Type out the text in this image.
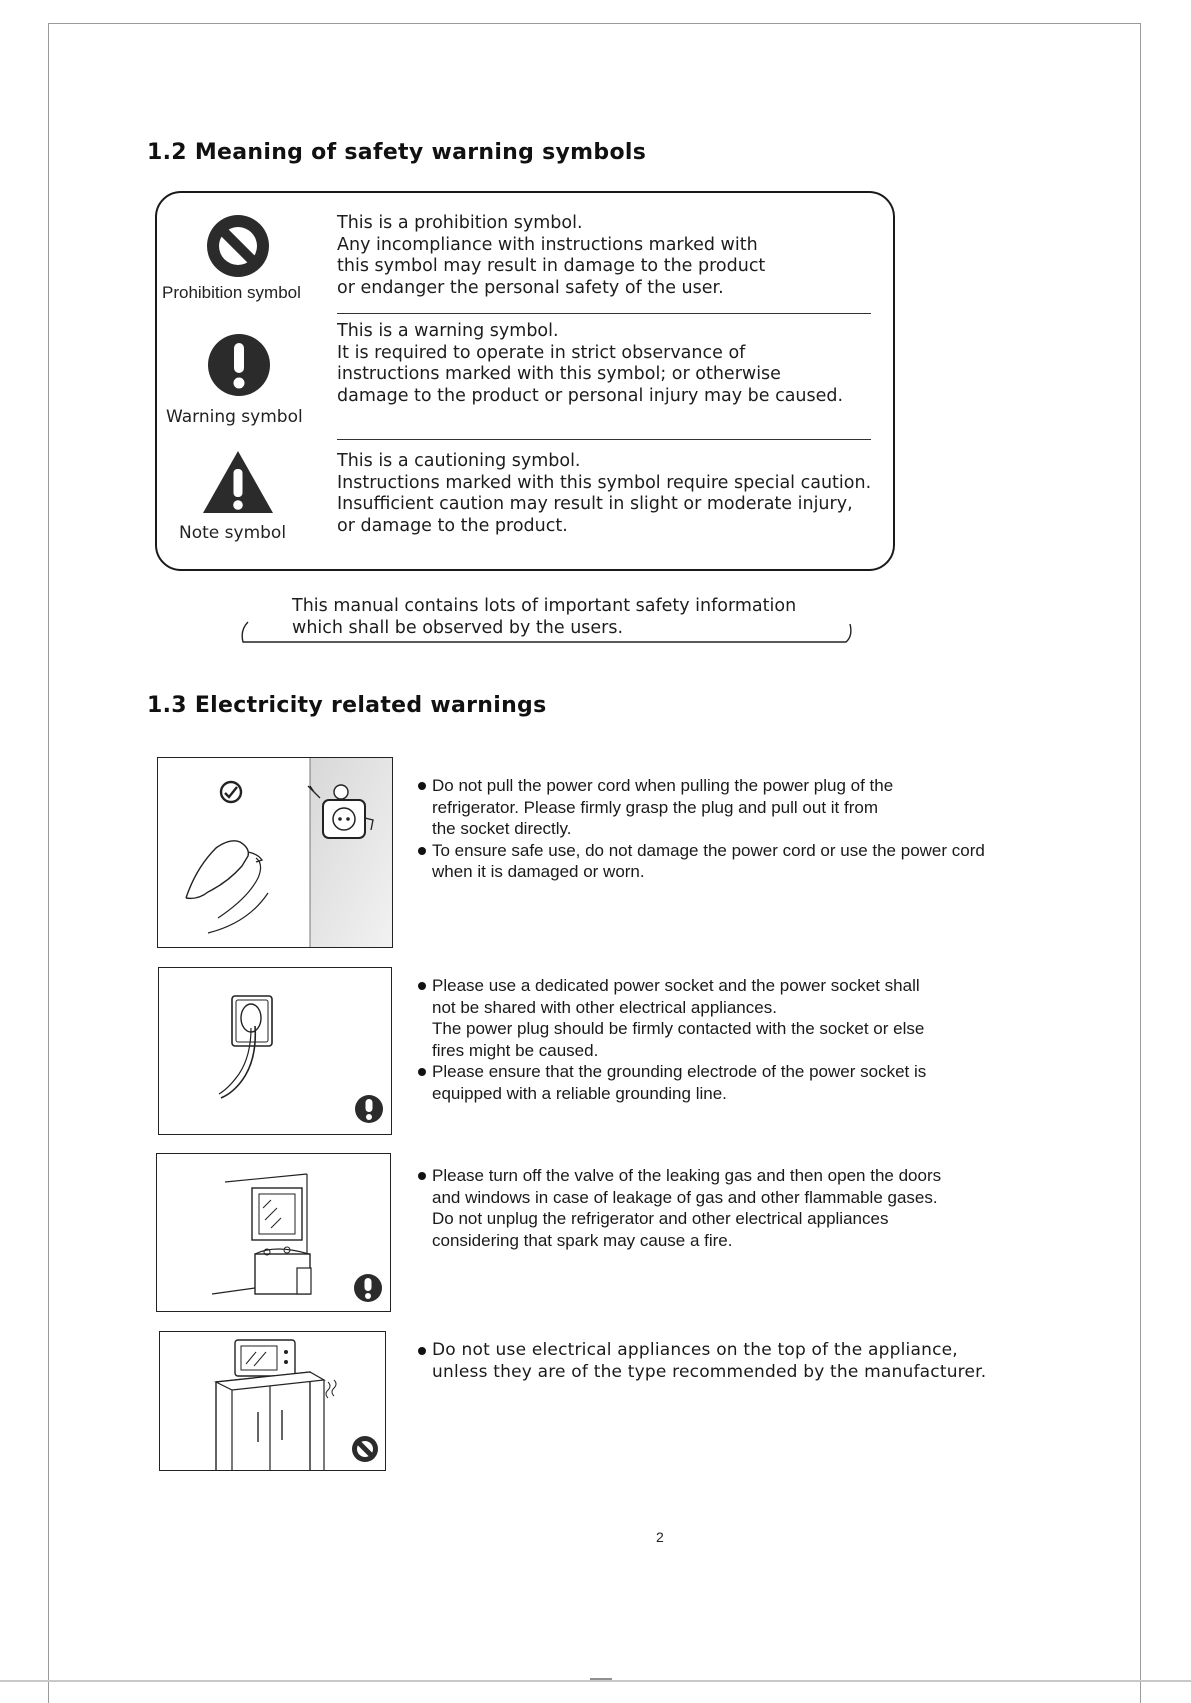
1.2 Meaning of safety warning symbols
Prohibition symbol
This is a prohibition symbol.
Any incompliance with instructions marked with
this symbol may result in damage to the product
or endanger the personal safety of the user.
Warning symbol
This is a warning symbol.
It is required to operate in strict observance of
instructions marked with this symbol; or otherwise
damage to the product or personal injury may be caused.
Note symbol
This is a cautioning symbol.
Instructions marked with this symbol require special caution.
Insufficient caution may result in slight or moderate injury,
or damage to the product.
This manual contains lots of important safety information
which shall be observed by the users.
1.3 Electricity related warnings
Do not pull the power cord when pulling the power plug of the
refrigerator. Please firmly grasp the plug and pull out it from
the socket directly.
To ensure safe use, do not damage the power cord or use the power cord
when it is damaged or worn.
Please use a dedicated power socket and the power socket shall
not be shared with other electrical appliances.
The power plug should be firmly contacted with the socket or else
fires might be caused.
Please ensure that the grounding electrode of the power socket is
equipped with a reliable grounding line.
Please turn off the valve of the leaking gas and then open the doors
and windows in case of leakage of gas and other flammable gases.
Do not unplug the refrigerator and other electrical appliances
considering that spark may cause a fire.
Do not use electrical appliances on the top of the appliance,
unless they are of the type recommended by the manufacturer.
2
